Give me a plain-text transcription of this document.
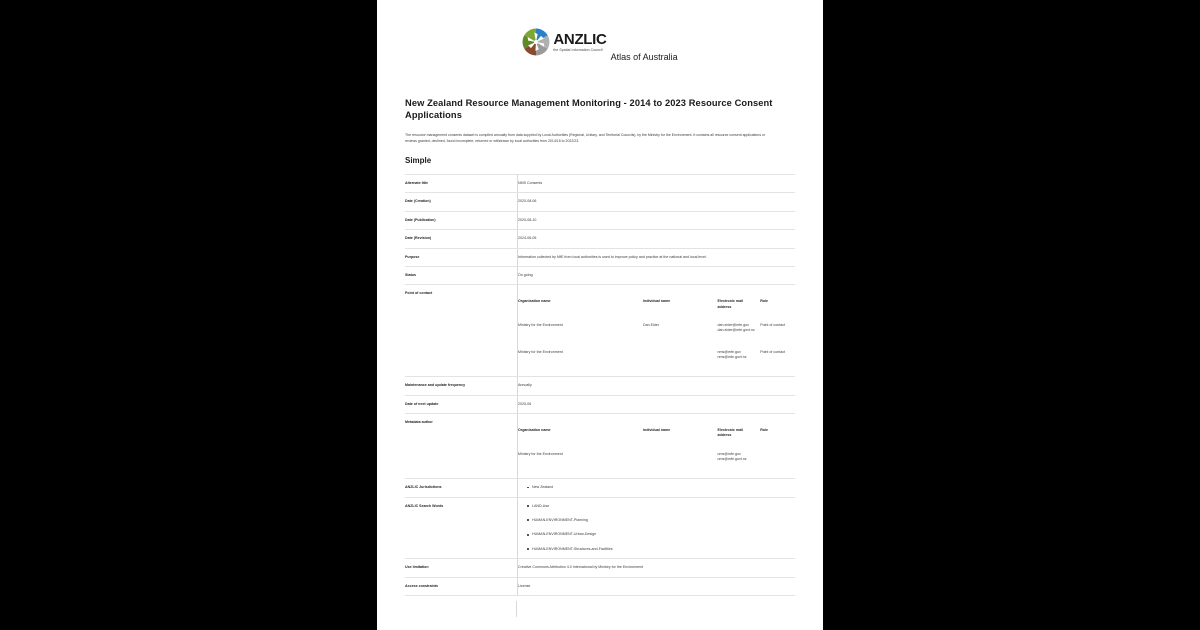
ANZLIC
the Spatial Information Council
Atlas of Australia
New Zealand Resource Management Monitoring - 2014 to 2023 Resource Consent Applications

The resource management consents dataset is compiled annually from data supplied by Local Authorities (Regional, Unitary, and Territorial Councils), by the Ministry for the Environment. It contains all resource consent applications or reviews granted, declined, found incomplete, returned or withdrawn by local authorities from 2014/15 to 2022/23.

Simple
Alternate title	NMS Consents
Date (Creation)	2020-08-06
Date (Publication)	2020-08-10
Date (Revision)	2024-06-05
Purpose	Information collected by MfE from local authorities is used to improve policy and practice at the national and local level.
Status	On going
Point of contact	
Organisation name	Individual name	Electronic mail address	Role
Ministry for the Environment	Dan Elder	dan.elder@mfe.gov dan.elder@mfe.govt.nz	Point of contact
Ministry for the Environment		nms@mfe.gov nms@mfe.govt.nz	Point of contact

Maintenance and update frequency	Annually
Date of next update	2025-06
Metadata author	
Organisation name	Individual name	Electronic mail address	Role
Ministry for the Environment		nms@mfe.gov nms@mfe.govt.nz	

ANZLIC Jurisdictions	New Zealand

ANZLIC Search Words	LAND-Use
HUMAN-ENVIRONMENT-Planning
HUMAN-ENVIRONMENT-Urban-Design
HUMAN-ENVIRONMENT-Structures-and-Facilities

Use limitation	Creative Commons Attribution 4.0 International by Ministry for the Environment
Access constraints	License
